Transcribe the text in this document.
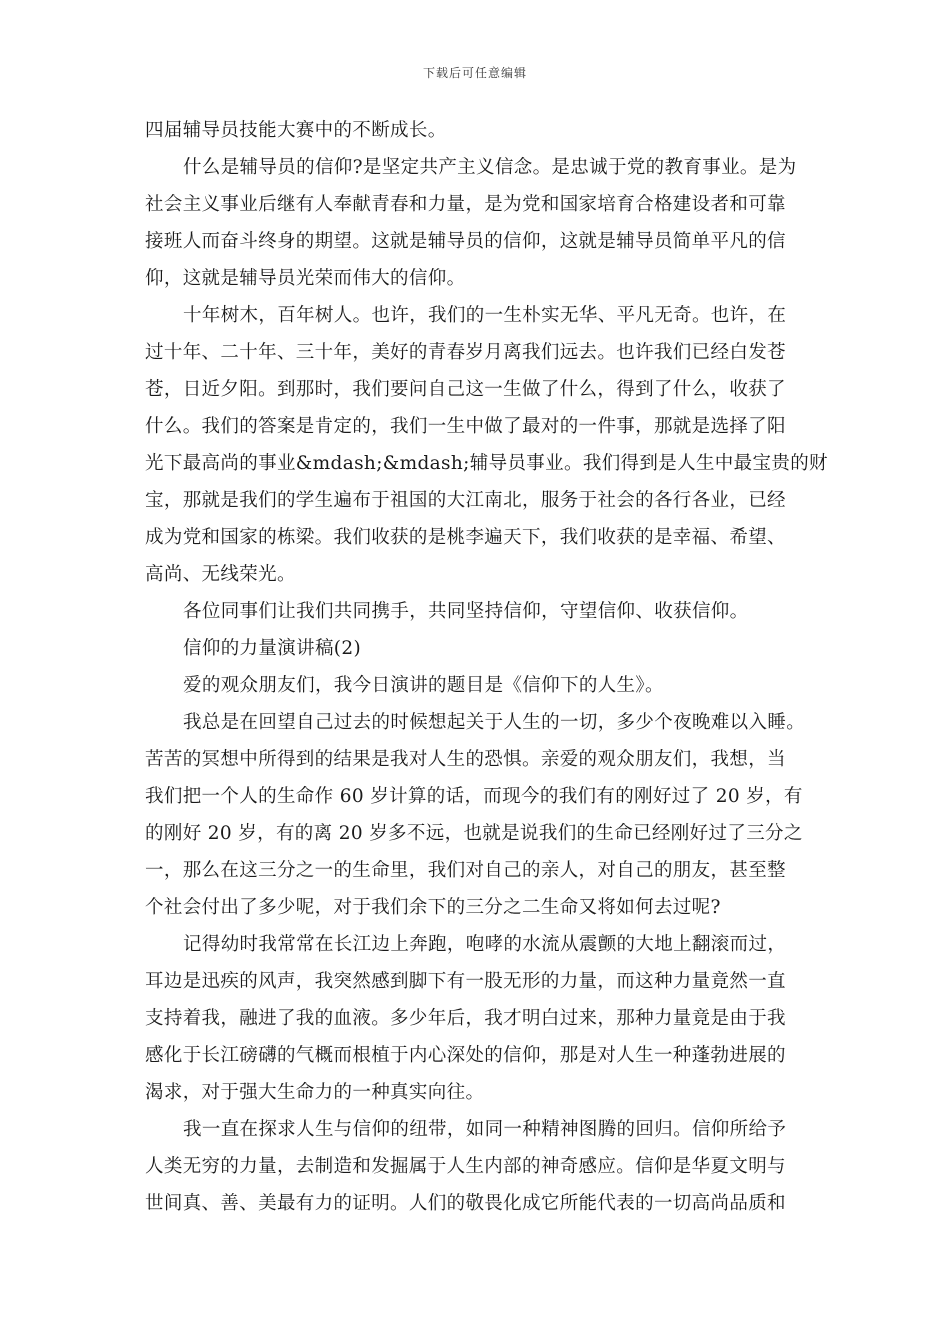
下载后可任意编辑
四届辅导员技能大赛中的不断成长。
什么是辅导员的信仰?是坚定共产主义信念。是忠诚于党的教育事业。是为
社会主义事业后继有人奉献青春和力量，是为党和国家培育合格建设者和可靠
接班人而奋斗终身的期望。这就是辅导员的信仰，这就是辅导员简单平凡的信
仰，这就是辅导员光荣而伟大的信仰。
十年树木，百年树人。也许，我们的一生朴实无华、平凡无奇。也许，在
过十年、二十年、三十年，美好的青春岁月离我们远去。也许我们已经白发苍
苍，日近夕阳。到那时，我们要问自己这一生做了什么，得到了什么，收获了
什么。我们的答案是肯定的，我们一生中做了最对的一件事，那就是选择了阳
光下最高尚的事业&mdash;&mdash;辅导员事业。我们得到是人生中最宝贵的财
宝，那就是我们的学生遍布于祖国的大江南北，服务于社会的各行各业，已经
成为党和国家的栋梁。我们收获的是桃李遍天下，我们收获的是幸福、希望、
高尚、无线荣光。
各位同事们让我们共同携手，共同坚持信仰，守望信仰、收获信仰。
信仰的力量演讲稿(2)
爱的观众朋友们，我今日演讲的题目是《信仰下的人生》。
我总是在回望自己过去的时候想起关于人生的一切，多少个夜晚难以入睡。
苦苦的冥想中所得到的结果是我对人生的恐惧。亲爱的观众朋友们，我想，当
我们把一个人的生命作 60 岁计算的话，而现今的我们有的刚好过了 20 岁，有
的刚好 20 岁，有的离 20 岁多不远，也就是说我们的生命已经刚好过了三分之
一，那么在这三分之一的生命里，我们对自己的亲人，对自己的朋友，甚至整
个社会付出了多少呢，对于我们余下的三分之二生命又将如何去过呢?
记得幼时我常常在长江边上奔跑，咆哮的水流从震颤的大地上翻滚而过，
耳边是迅疾的风声，我突然感到脚下有一股无形的力量，而这种力量竟然一直
支持着我，融进了我的血液。多少年后，我才明白过来，那种力量竟是由于我
感化于长江磅礴的气概而根植于内心深处的信仰，那是对人生一种蓬勃进展的
渴求，对于强大生命力的一种真实向往。
我一直在探求人生与信仰的纽带，如同一种精神图腾的回归。信仰所给予
人类无穷的力量，去制造和发掘属于人生内部的神奇感应。信仰是华夏文明与
世间真、善、美最有力的证明。人们的敬畏化成它所能代表的一切高尚品质和
